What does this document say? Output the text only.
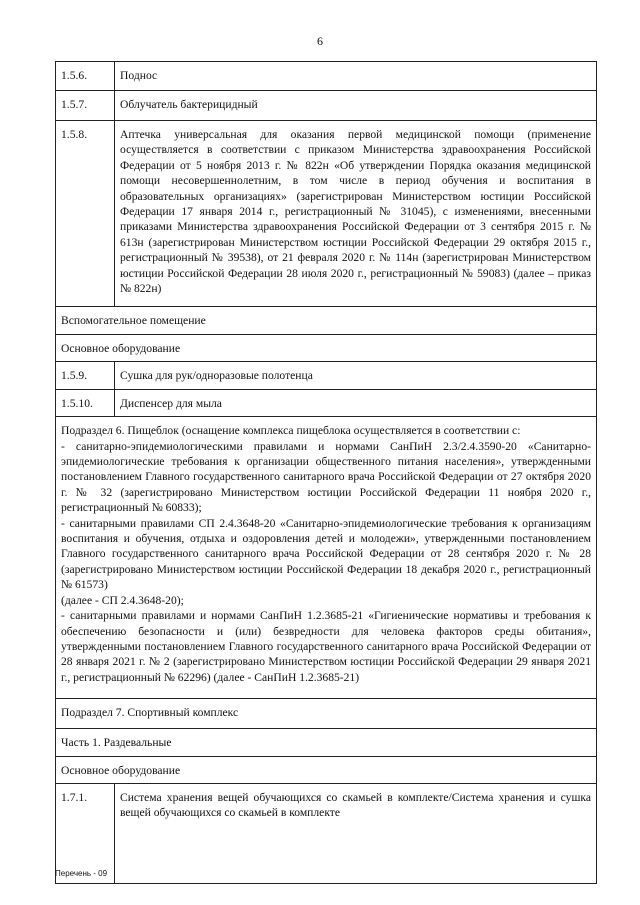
6
1.5.6.	Поднос
1.5.7.	Облучатель бактерицидный
1.5.8.	Аптечка универсальная для оказания первой медицинской помощи (применение осуществляется в соответствии с приказом Министерства здравоохранения Российской Федерации от 5 ноября 2013 г. № 822н «Об утверждении Порядка оказания медицинской помощи несовершеннолетним, в том числе в период обучения и воспитания в образовательных организациях» (зарегистрирован Министерством юстиции Российской Федерации 17 января 2014 г., регистрационный № 31045), с изменениями, внесенными приказами Министерства здравоохранения Российской Федерации от 3 сентября 2015 г. № 613н (зарегистрирован Министерством юстиции Российской Федерации 29 октября 2015 г., регистрационный № 39538), от 21 февраля 2020 г. № 114н (зарегистрирован Министерством юстиции Российской Федерации 28 июля 2020 г., регистрационный № 59083) (далее – приказ № 822н)
Вспомогательное помещение	
Основное оборудование	
1.5.9.	Сушка для рук/одноразовые полотенца
1.5.10.	Диспенсер для мыла

Подраздел 6. Пищеблок (оснащение комплекса пищеблока осуществляется в соответствии с:
- санитарно-эпидемиологическими правилами и нормами СанПиН 2.3/2.4.3590-20 «Санитарно-эпидемиологические требования к организации общественного питания населения», утвержденными постановлением Главного государственного санитарного врача Российской Федерации от 27 октября 2020 г. № 32 (зарегистрировано Министерством юстиции Российской Федерации 11 ноября 2020 г., регистрационный № 60833);
- санитарными правилами СП 2.4.3648-20 «Санитарно-эпидемиологические требования к организациям воспитания и обучения, отдыха и оздоровления детей и молодежи», утвержденными постановлением Главного государственного санитарного врача Российской Федерации от 28 сентября 2020 г. № 28 (зарегистрировано Министерством юстиции Российской Федерации 18 декабря 2020 г., регистрационный № 61573)
(далее - СП 2.4.3648-20);
- санитарными правилами и нормами СанПиН 1.2.3685-21 «Гигиенические нормативы и требования к обеспечению безопасности и (или) безвредности для человека факторов среды обитания», утвержденными постановлением Главного государственного санитарного врача Российской Федерации от 28 января 2021 г. № 2 (зарегистрировано Министерством юстиции Российской Федерации 29 января 2021 г., регистрационный № 62296) (далее - СанПиН 1.2.3685-21)	

Подраздел 7. Спортивный комплекс	
Часть 1. Раздевальные	
Основное оборудование	
1.7.1.	Система хранения вещей обучающихся со скамьей в комплекте/Система хранения и сушка вещей обучающихся со скамьей в комплекте
Перечень - 09
